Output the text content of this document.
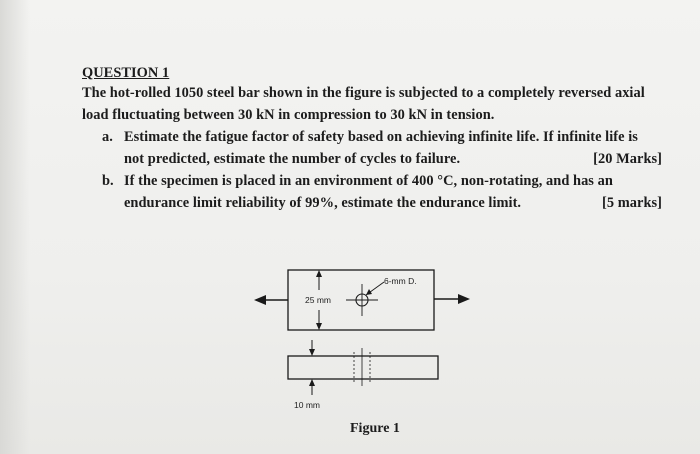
QUESTION 1
The hot-rolled 1050 steel bar shown in the figure is subjected to a completely reversed axial
load fluctuating between 30 kN in compression to 30 kN in tension.
a. Estimate the fatigue factor of safety based on achieving infinite life. If infinite life is
not predicted, estimate the number of cycles to failure.	[20 Marks]
b. If the specimen is placed in an environment of 400 °C, non-rotating, and has an
endurance limit reliability of 99%, estimate the endurance limit.	[5 marks]
6-mm D.
25 mm
10 mm
Figure 1
